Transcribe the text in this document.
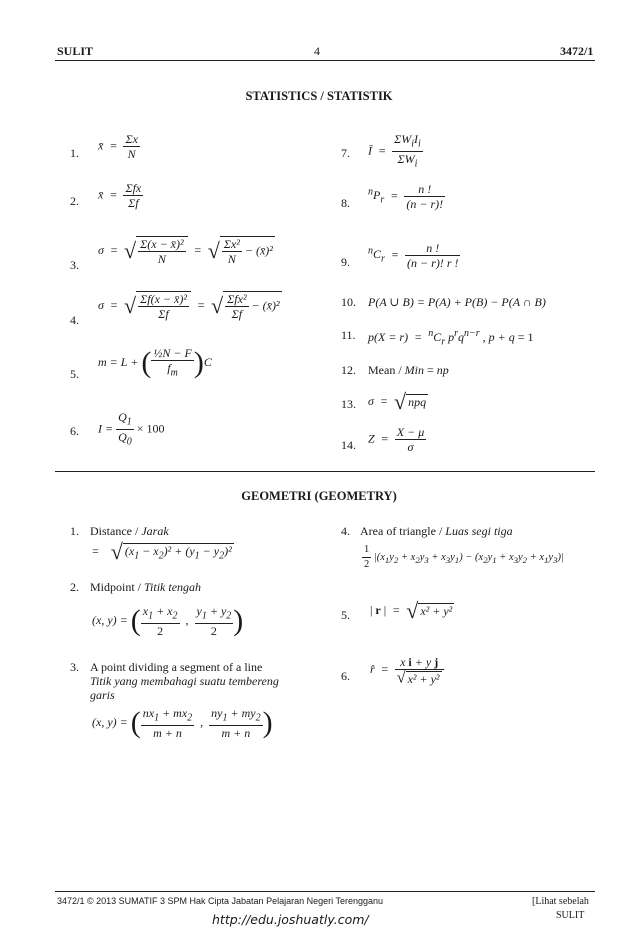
SULIT	4	3472/1
STATISTICS / STATISTIK
1.
x̄  = $\frac{\Sigma x}{N}$
2. x̄  = Σfx
Σf
3.
σ  =  √ $\frac{\text{Σ(x − x̄)²}}{N}$ =  √ $\frac{\text{Σx²}}{N}$ − (x̄)²
4.
σ  =  √ $\frac{\text{Σf(x − x̄)²}}{\Sigma f}$ =  √ Σfx²
Σf
− (x̄)²
5.
m = L + ( $\frac{\text{½N − F}}{f_m} )C$
6. $I = \frac{Q_1}{Q_0} \times 100$
7. Ī  =
$\Sigma W_iI_i$
$\Sigma W_i$
8.
$^nP_r = \frac{n !}{(n - r)!}$
9.
$^nC_r = \frac{n !}{(n - r)! r !}$
10. P(A ∪ B) = P(A) + P(B) − P(A ∩ B)
11. $p(X = r) = ^nC_r$ $p^rq^{n-r}$ , p + q = 1
12. Mean / Min = np
13. σ  =  √ npq
14. $Z = \frac{X - \mu}{\sigma}$
GEOMETRI (GEOMETRY)
1. Distance / Jarak
= √ $(x_1 - x_2)^2 + (y_1 - y_2)^2$
2. Midpoint / Titik tengah
(x, y) = ( $\frac{x_1 + x_2}{2}$ , $\frac{y_1 + y_2}{2}$ )
3. A point dividing a segment of a line
Titik yang membahagi suatu tembereng
garis
(x, y) = ( $\frac{nx_1 + mx_2}{m + n}$ , $\frac{ny_1 + my_2}{m + n}$ )
4. Area of triangle / Luas segi tiga
$\frac{1}{2} |(x_1y_2 + x_2y_3 + x_3y_1) - (x_2y_1 + x_3y_2 + x_1y_3)|$
5. | r |  =  √ x² + y²
6. r̂  = $\frac{\text{x i + y j}}{\text{√ x² + y²}}$
3472/1 © 2013 SUMATIF 3 SPM Hak Cipta Jabatan Pelajaran Negeri Terengganu	[Lihat sebelah
SULIT
http://edu.joshuatly.com/
